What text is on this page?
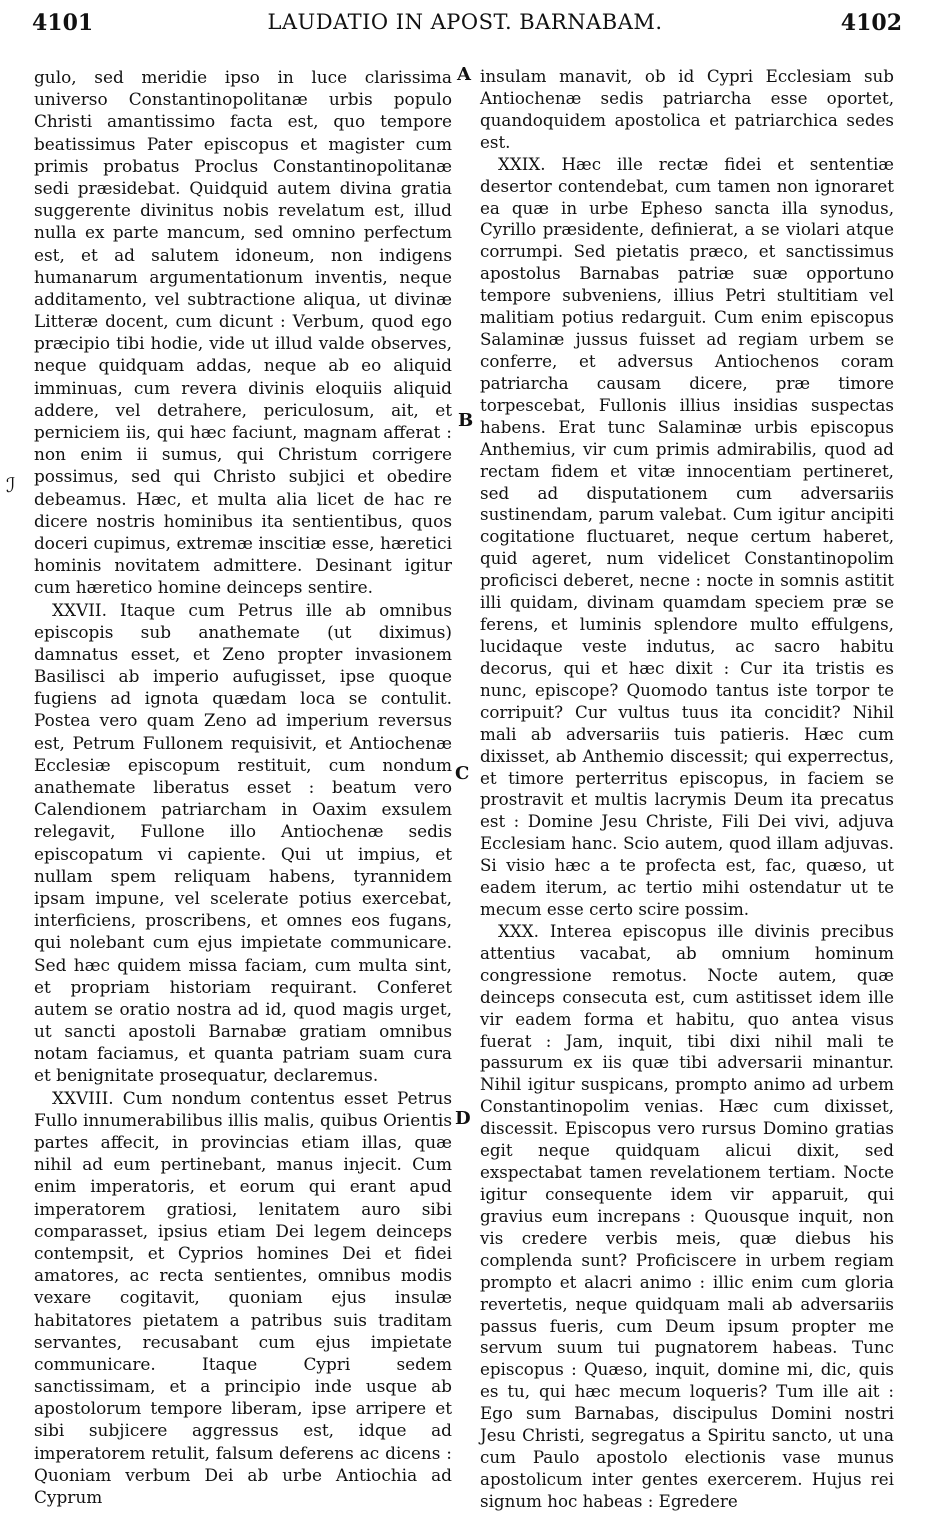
4101	LAUDATIO IN APOST. BARNABAM.	4102
ℐ

gulo, sed meridie ipso in luce clarissima universo Constantinopolitanæ urbis populo Christi amantissimo facta est, quo tempore beatissimus Pater episcopus et magister cum primis probatus Proclus Constantinopolitanæ sedi præsidebat. Quidquid autem divina gratia suggerente divinitus nobis revelatum est, illud nulla ex parte mancum, sed omnino perfectum est, et ad salutem idoneum, non indigens humanarum argumentationum inventis, neque additamento, vel subtractione aliqua, ut divinæ Litteræ docent, cum dicunt : Verbum, quod ego præcipio tibi hodie, vide ut illud valde observes, neque quidquam addas, neque ab eo aliquid imminuas, cum revera divinis eloquiis aliquid addere, vel detrahere, periculosum, ait, et perniciem iis, qui hæc faciunt, magnam afferat : non enim ii sumus, qui Christum corrigere possimus, sed qui Christo subjici et obedire debeamus. Hæc, et multa alia licet de hac re dicere nostris hominibus ita sentientibus, quos doceri cupimus, extremæ inscitiæ esse, hæretici hominis novitatem admittere. Desinant igitur cum hæretico homine deinceps sentire.

XXVII. Itaque cum Petrus ille ab omnibus episcopis sub anathemate (ut diximus) damnatus esset, et Zeno propter invasionem Basilisci ab imperio aufugisset, ipse quoque fugiens ad ignota quædam loca se contulit. Postea vero quam Zeno ad imperium reversus est, Petrum Fullonem requisivit, et Antiochenæ Ecclesiæ episcopum restituit, cum nondum anathemate liberatus esset : beatum vero Calendionem patriarcham in Oaxim exsulem relegavit, Fullone illo Antiochenæ sedis episcopatum vi capiente. Qui ut impius, et nullam spem reliquam habens, tyrannidem ipsam impune, vel scelerate potius exercebat, interficiens, proscribens, et omnes eos fugans, qui nolebant cum ejus impietate communicare. Sed hæc quidem missa faciam, cum multa sint, et propriam historiam requirant. Conferet autem se oratio nostra ad id, quod magis urget, ut sancti apostoli Barnabæ gratiam omnibus notam faciamus, et quanta patriam suam cura et benignitate prosequatur, declaremus.

XXVIII. Cum nondum contentus esset Petrus Fullo innumerabilibus illis malis, quibus Orientis partes affecit, in provincias etiam illas, quæ nihil ad eum pertinebant, manus injecit. Cum enim imperatoris, et eorum qui erant apud imperatorem gratiosi, lenitatem auro sibi comparasset, ipsius etiam Dei legem deinceps contempsit, et Cyprios homines Dei et fidei amatores, ac recta sentientes, omnibus modis vexare cogitavit, quoniam ejus insulæ habitatores pietatem a patribus suis traditam servantes, recusabant cum ejus impietate communicare. Itaque Cypri sedem sanctissimam, et a principio inde usque ab apostolorum tempore liberam, ipse arripere et sibi subjicere aggressus est, idque ad imperatorem retulit, falsum deferens ac dicens : Quoniam verbum Dei ab urbe Antiochia ad Cyprum

insulam manavit, ob id Cypri Ecclesiam sub Antiochenæ sedis patriarcha esse oportet, quandoquidem apostolica et patriarchica sedes est.

XXIX. Hæc ille rectæ fidei et sententiæ desertor contendebat, cum tamen non ignoraret ea quæ in urbe Epheso sancta illa synodus, Cyrillo præsidente, definierat, a se violari atque corrumpi. Sed pietatis præco, et sanctissimus apostolus Barnabas patriæ suæ opportuno tempore subveniens, illius Petri stultitiam vel malitiam potius redarguit. Cum enim episcopus Salaminæ jussus fuisset ad regiam urbem se conferre, et adversus Antiochenos coram patriarcha causam dicere, præ timore torpescebat, Fullonis illius insidias suspectas habens. Erat tunc Salaminæ urbis episcopus Anthemius, vir cum primis admirabilis, quod ad rectam fidem et vitæ innocentiam pertineret, sed ad disputationem cum adversariis sustinendam, parum valebat. Cum igitur ancipiti cogitatione fluctuaret, neque certum haberet, quid ageret, num videlicet Constantinopolim proficisci deberet, necne : nocte in somnis astitit illi quidam, divinam quamdam speciem præ se ferens, et luminis splendore multo effulgens, lucidaque veste indutus, ac sacro habitu decorus, qui et hæc dixit : Cur ita tristis es nunc, episcope? Quomodo tantus iste torpor te corripuit? Cur vultus tuus ita concidit? Nihil mali ab adversariis tuis patieris. Hæc cum dixisset, ab Anthemio discessit; qui experrectus, et timore perterritus episcopus, in faciem se prostravit et multis lacrymis Deum ita precatus est : Domine Jesu Christe, Fili Dei vivi, adjuva Ecclesiam hanc. Scio autem, quod illam adjuvas. Si visio hæc a te profecta est, fac, quæso, ut eadem iterum, ac tertio mihi ostendatur ut te mecum esse certo scire possim.

XXX. Interea episcopus ille divinis precibus attentius vacabat, ab omnium hominum congressione remotus. Nocte autem, quæ deinceps consecuta est, cum astitisset idem ille vir eadem forma et habitu, quo antea visus fuerat : Jam, inquit, tibi dixi nihil mali te passurum ex iis quæ tibi adversarii minantur. Nihil igitur suspicans, prompto animo ad urbem Constantinopolim venias. Hæc cum dixisset, discessit. Episcopus vero rursus Domino gratias egit neque quidquam alicui dixit, sed exspectabat tamen revelationem tertiam. Nocte igitur consequente idem vir apparuit, qui gravius eum increpans : Quousque inquit, non vis credere verbis meis, quæ diebus his complenda sunt? Proficiscere in urbem regiam prompto et alacri animo : illic enim cum gloria revertetis, neque quidquam mali ab adversariis passus fueris, cum Deum ipsum propter me servum suum tui pugnatorem habeas. Tunc episcopus : Quæso, inquit, domine mi, dic, quis es tu, qui hæc mecum loqueris? Tum ille ait : Ego sum Barnabas, discipulus Domini nostri Jesu Christi, segregatus a Spiritu sancto, ut una cum Paulo apostolo electionis vase munus apostolicum inter gentes exercerem. Hujus rei signum hoc habeas : Egredere

A
B
C
D
